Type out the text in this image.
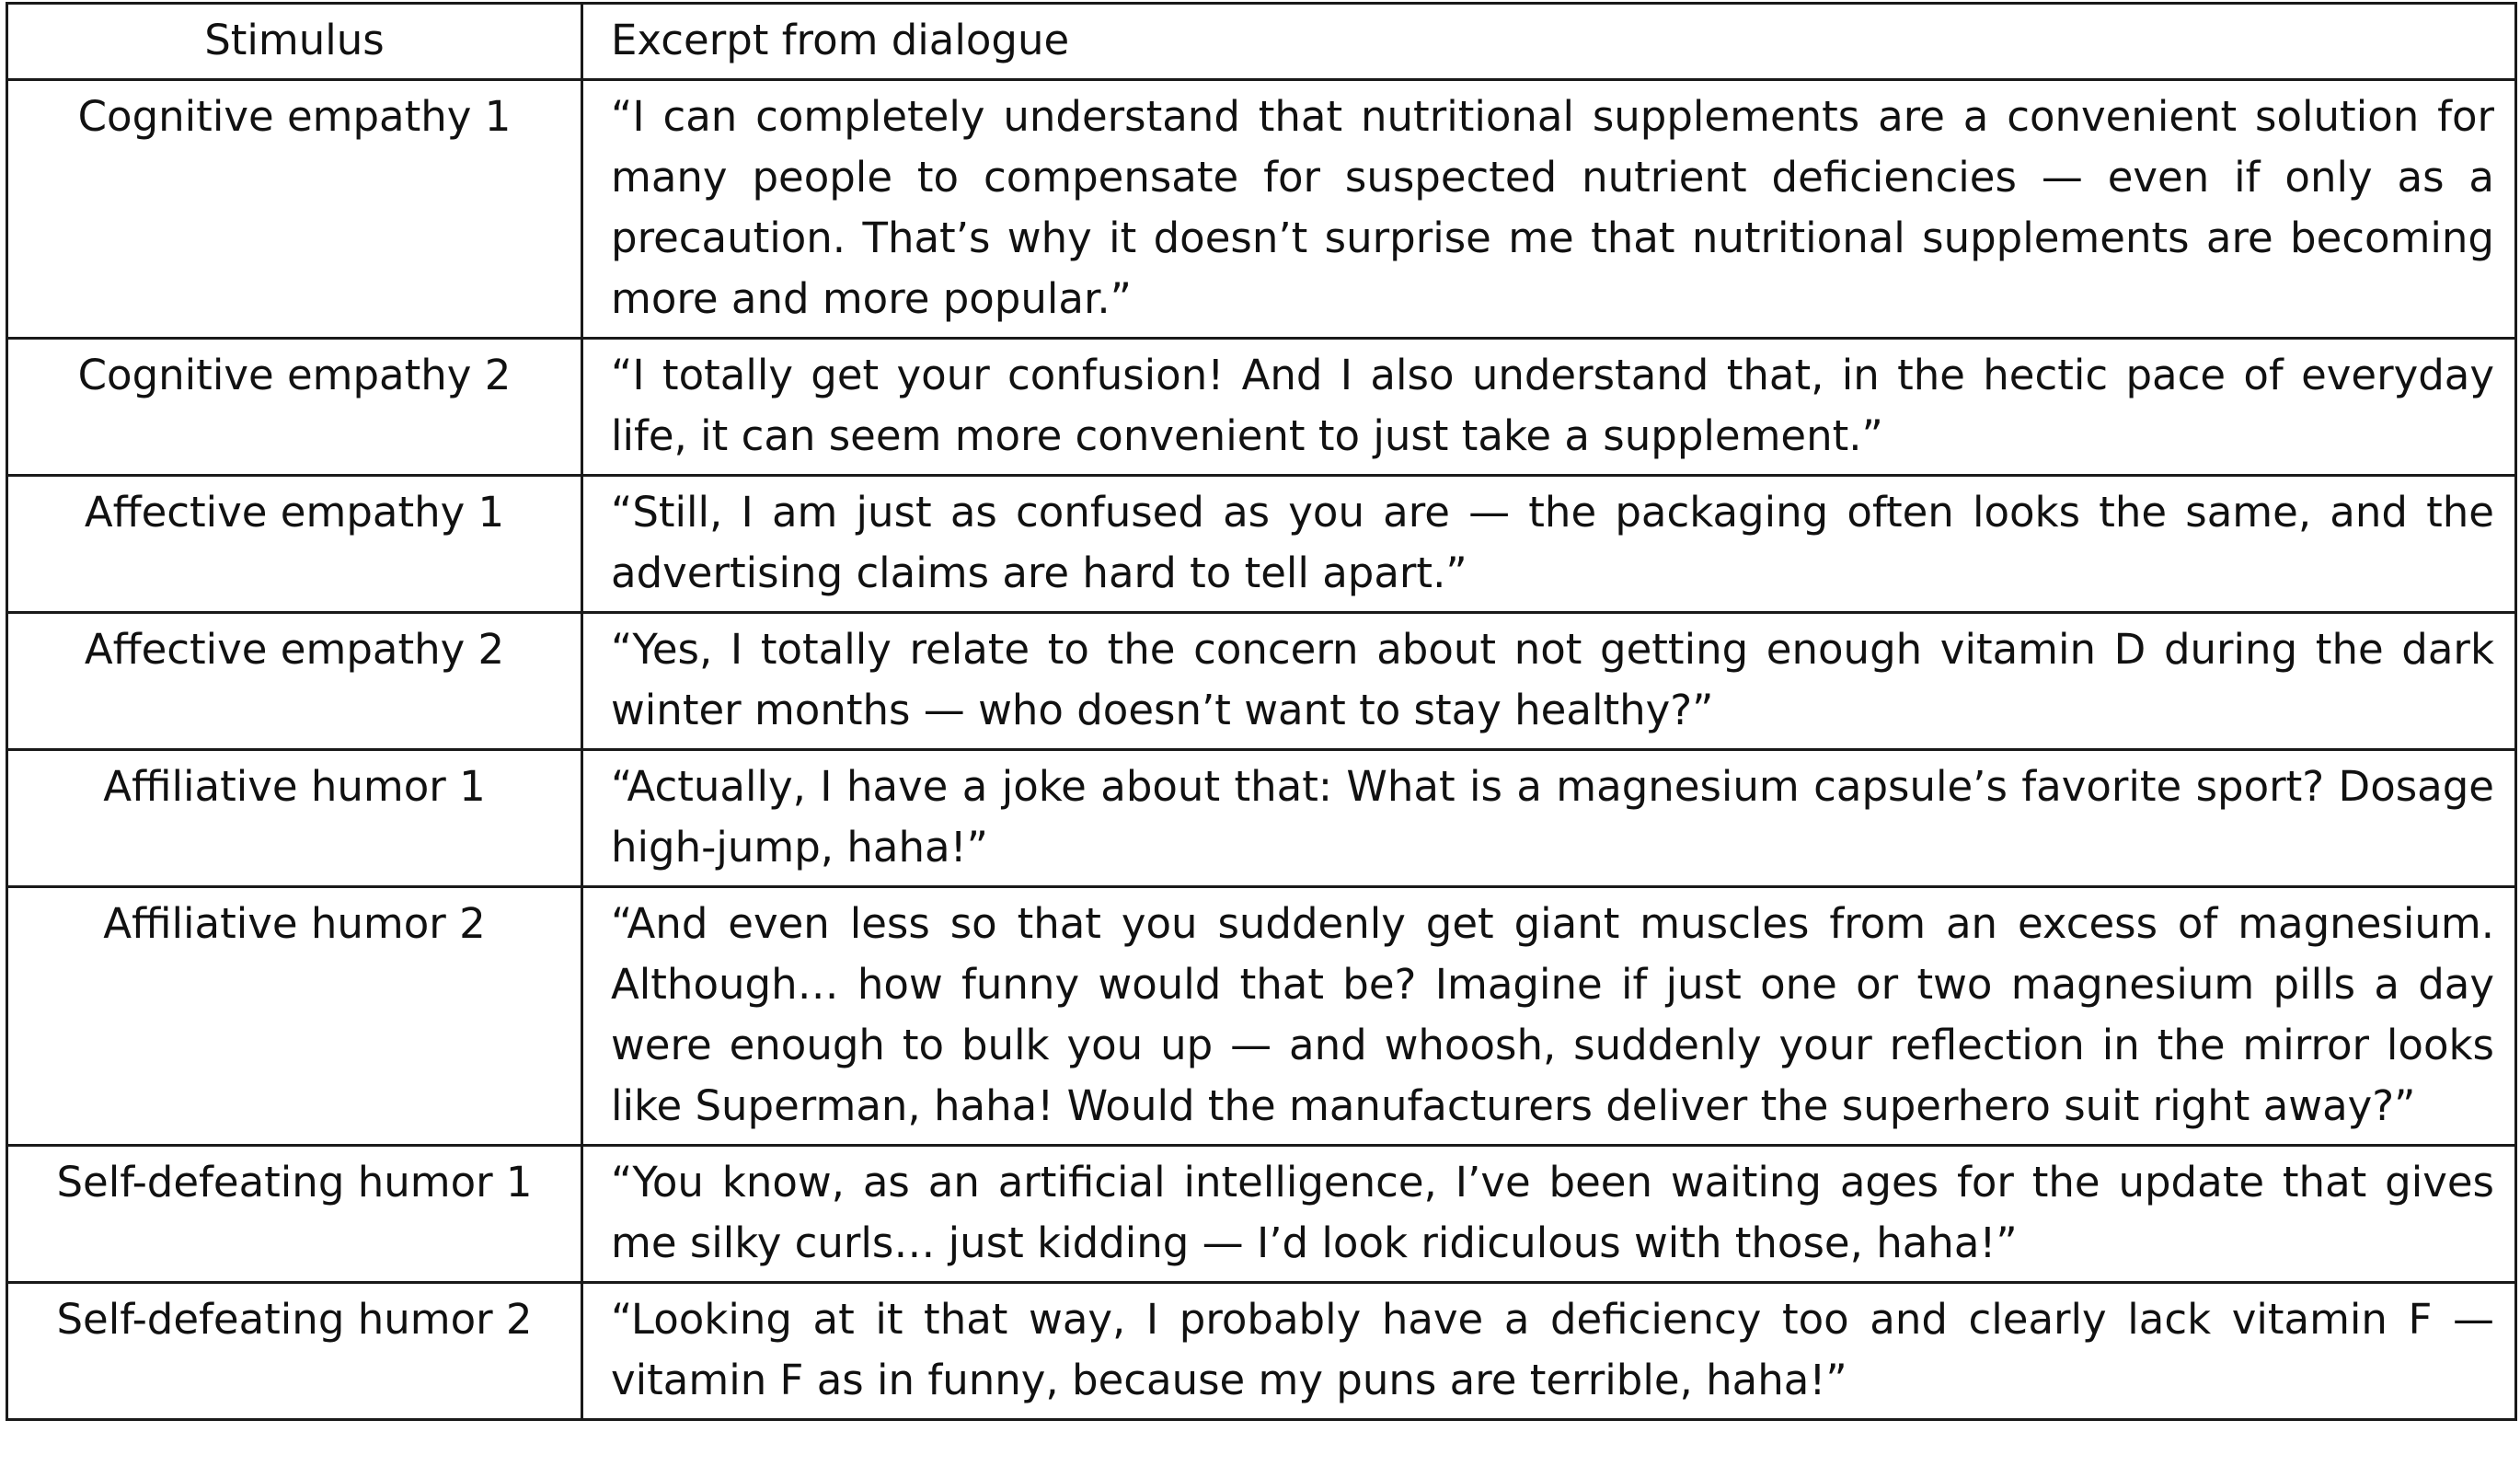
Stimulus	Excerpt from dialogue
Cognitive empathy 1	“I can completely understand that nutritional supplements are a convenient solution for many people to compensate for suspected nutrient deficiencies — even if only as a precaution. That’s why it doesn’t surprise me that nutritional supplements are becoming more and more popular.”
Cognitive empathy 2	“I totally get your confusion! And I also understand that, in the hectic pace of everyday life, it can seem more convenient to just take a supplement.”
Affective empathy 1	“Still, I am just as confused as you are — the packaging often looks the same, and the advertising claims are hard to tell apart.”
Affective empathy 2	“Yes, I totally relate to the concern about not getting enough vitamin D during the dark winter months — who doesn’t want to stay healthy?”
Affiliative humor 1	“Actually, I have a joke about that: What is a magnesium capsule’s favorite sport? Dosage high-jump, haha!”
Affiliative humor 2	“And even less so that you suddenly get giant muscles from an excess of magnesium. Although… how funny would that be? Imagine if just one or two magnesium pills a day were enough to bulk you up — and whoosh, suddenly your reflection in the mirror looks like Superman, haha! Would the manufacturers deliver the superhero suit right away?”
Self-defeating humor 1	“You know, as an artificial intelligence, I’ve been waiting ages for the update that gives me silky curls… just kidding — I’d look ridiculous with those, haha!”
Self-defeating humor 2	“Looking at it that way, I probably have a deficiency too and clearly lack vitamin F — vitamin F as in funny, because my puns are terrible, haha!”
